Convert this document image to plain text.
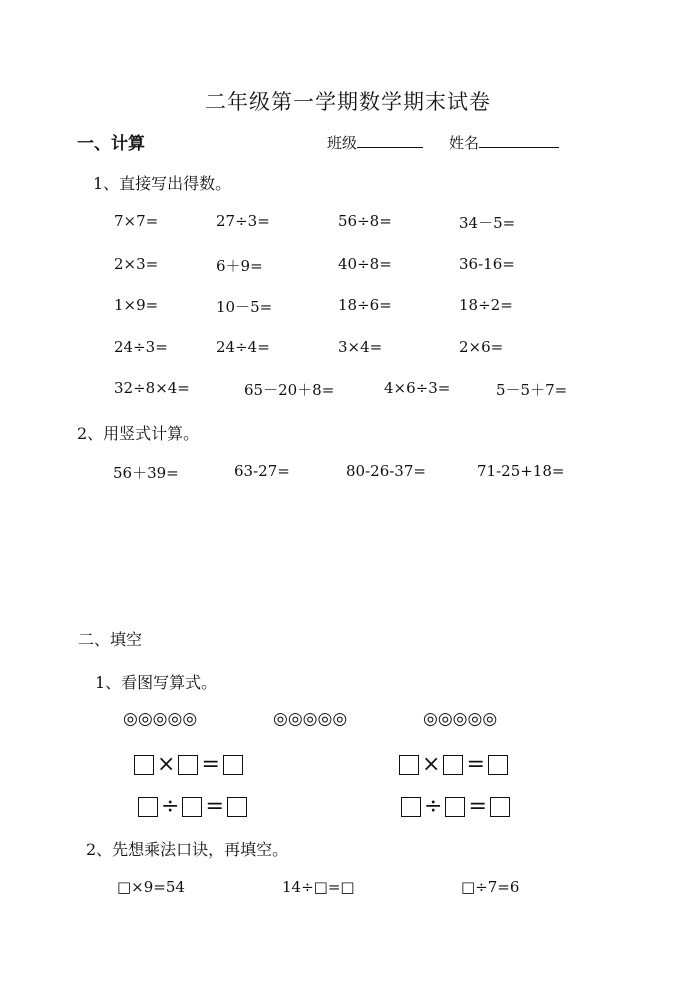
二年级第一学期数学期末试卷
一、计算	班级	姓名
1、直接写出得数。
7×7=	27÷3=	56÷8=	34－5=
2×3=	6＋9=	40÷8=	36-16=
1×9=	10－5=	18÷6=	18÷2=
24÷3=	24÷4=	3×4=	2×6=
32÷8×4=	65－20＋8=	4×6÷3=	5－5＋7=
2、用竖式计算。
56＋39=	63-27=	80-26-37=	71-25+18=
二、填空
1、看图写算式。
◎◎◎◎◎	◎◎◎◎◎	◎◎◎◎◎
× =
÷ =
× =
÷ =
2、先想乘法口诀，再填空。
□×9=54	14÷□=□	□÷7=6
